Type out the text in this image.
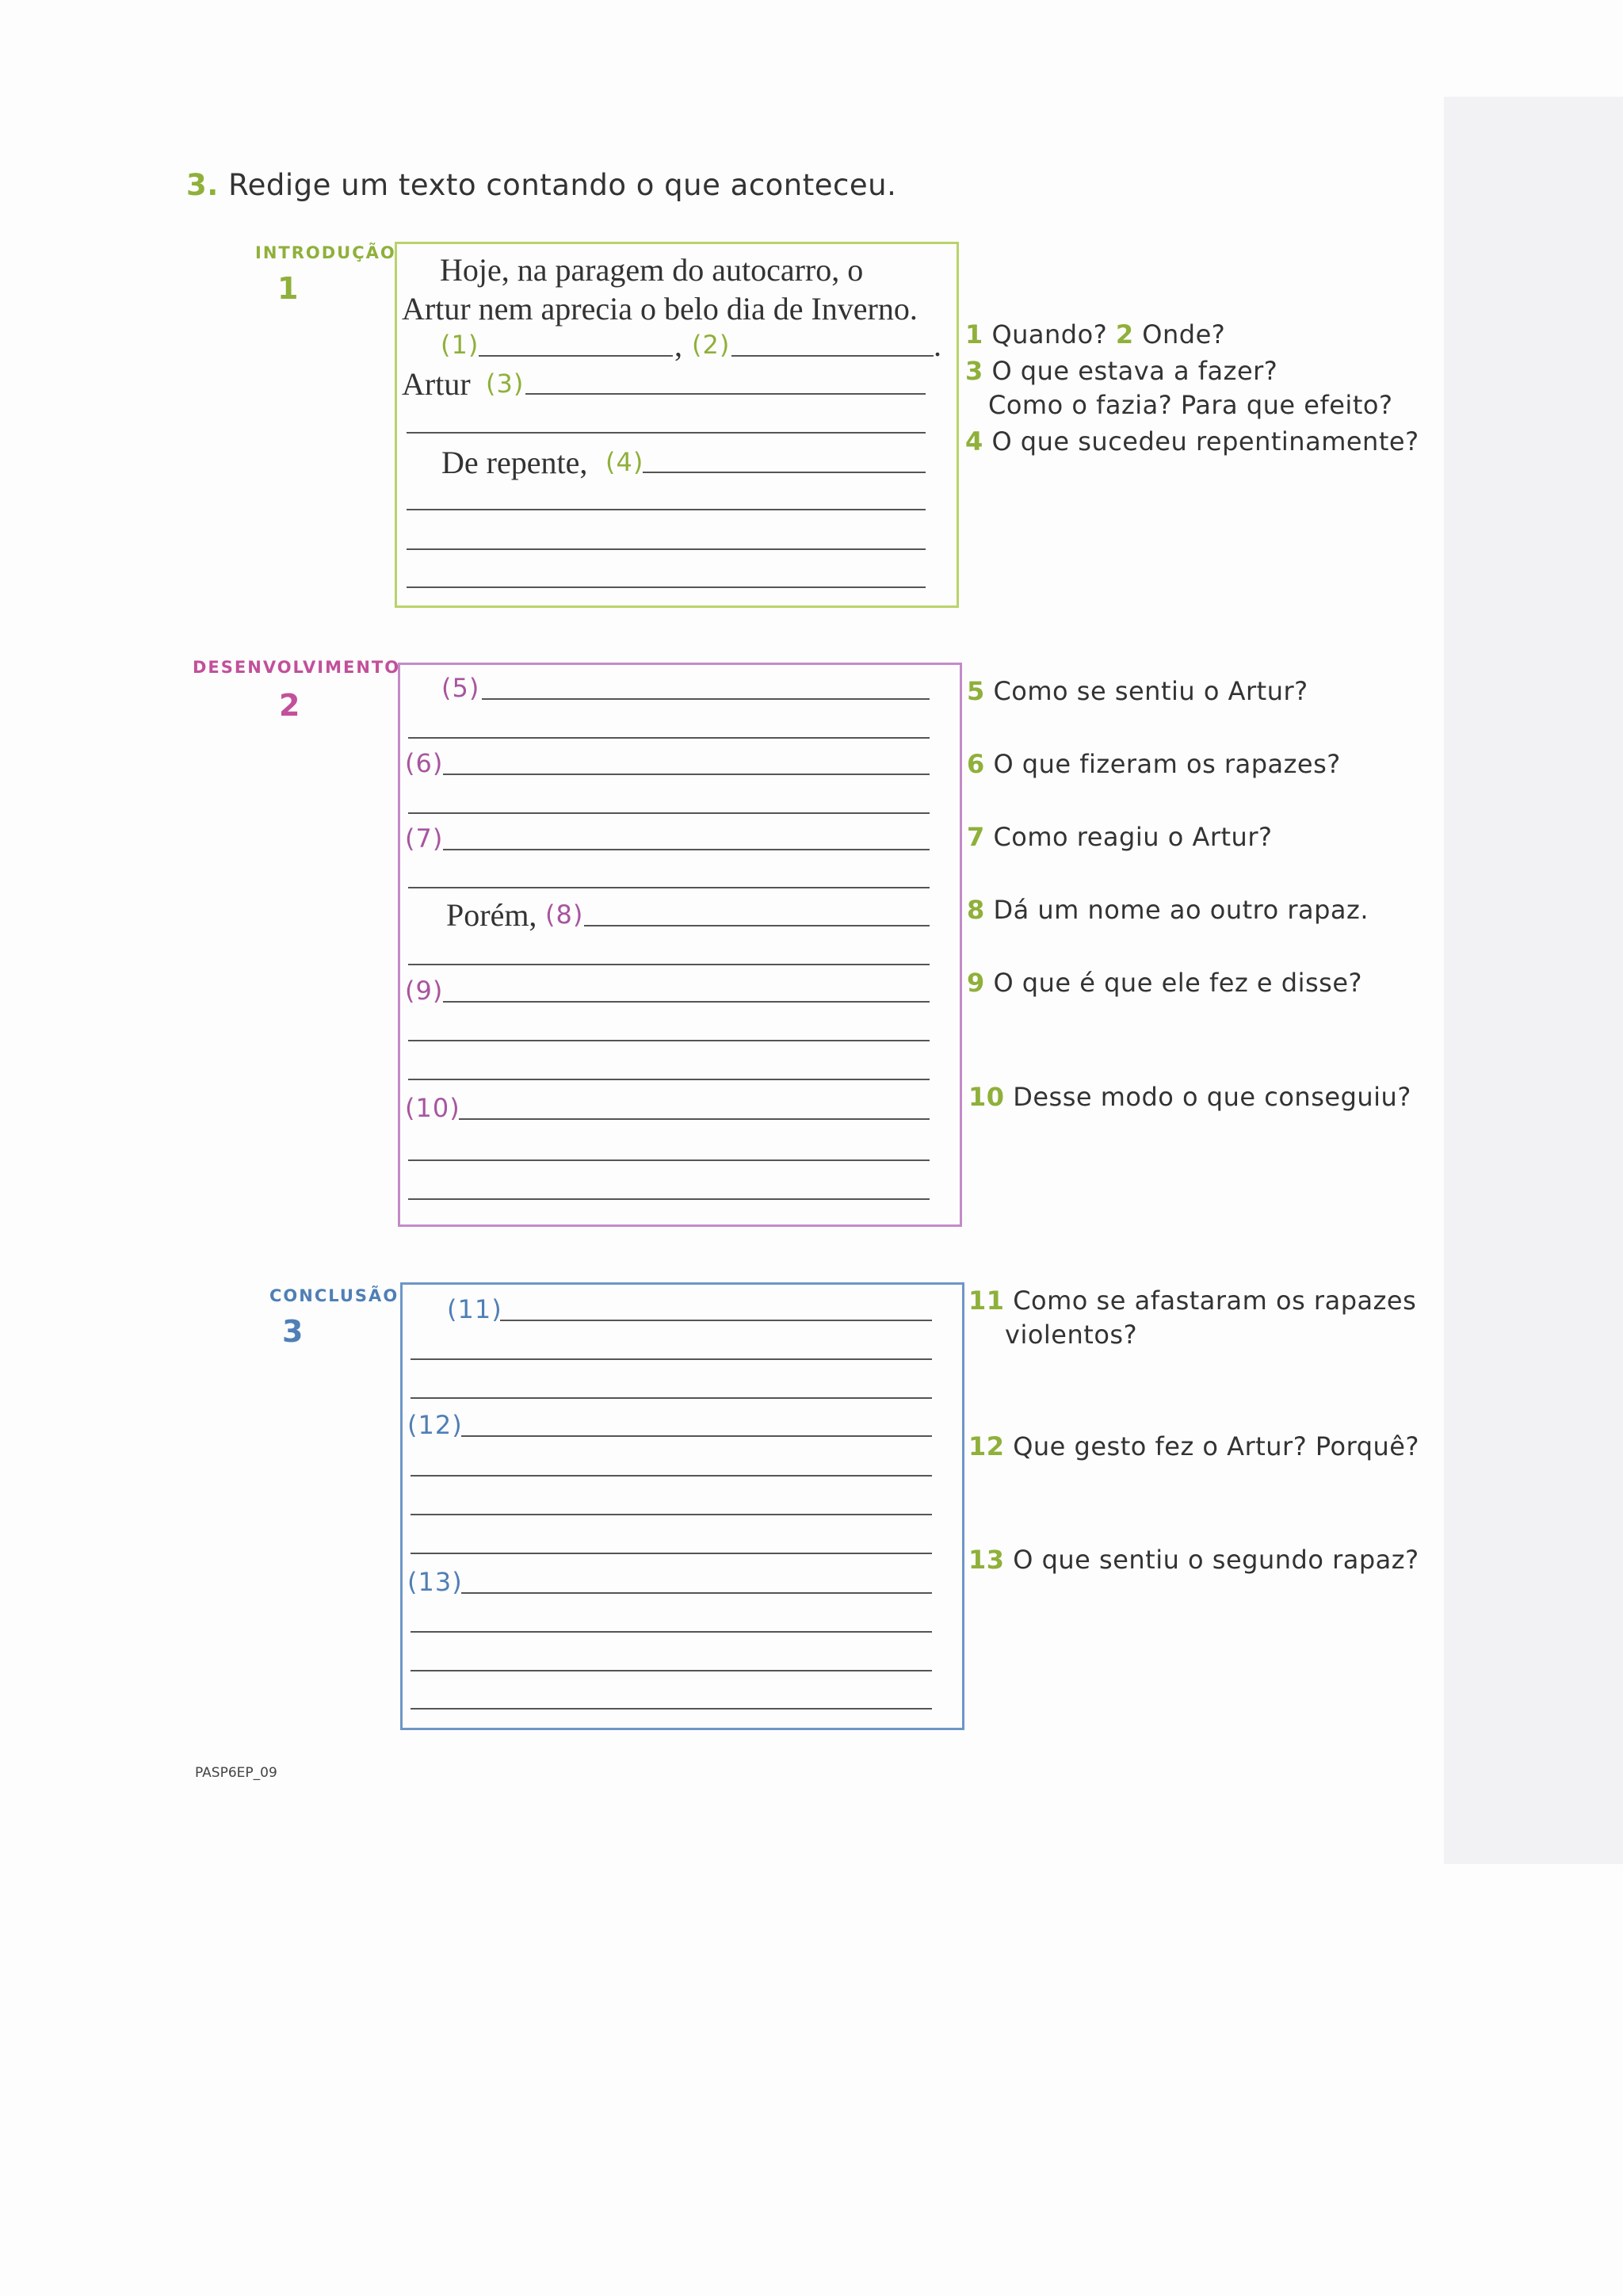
3. Redige um texto contando o que aconteceu.
INTRODUÇÃO
1
Hoje, na paragem do autocarro, o
Artur nem aprecia o belo dia de Inverno.
(1)	, (2)	.
Artur (3)
De repente, (4)
1 Quando? 2 Onde?
3 O que estava a fazer?
Como o fazia? Para que efeito?
4 O que sucedeu repentinamente?
DESENVOLVIMENTO
2	(5)
(6)
(7)
Porém, (8)
(9)
(10)
5 Como se sentiu o Artur?
6 O que fizeram os rapazes?
7 Como reagiu o Artur?
8 Dá um nome ao outro rapaz.
9 O que é que ele fez e disse?
10 Desse modo o que conseguiu?
CONCLUSÃO
3
(11)
(12)
(13)
11 Como se afastaram os rapazes
violentos?
12 Que gesto fez o Artur? Porquê?
13 O que sentiu o segundo rapaz?
PASP6EP_09
